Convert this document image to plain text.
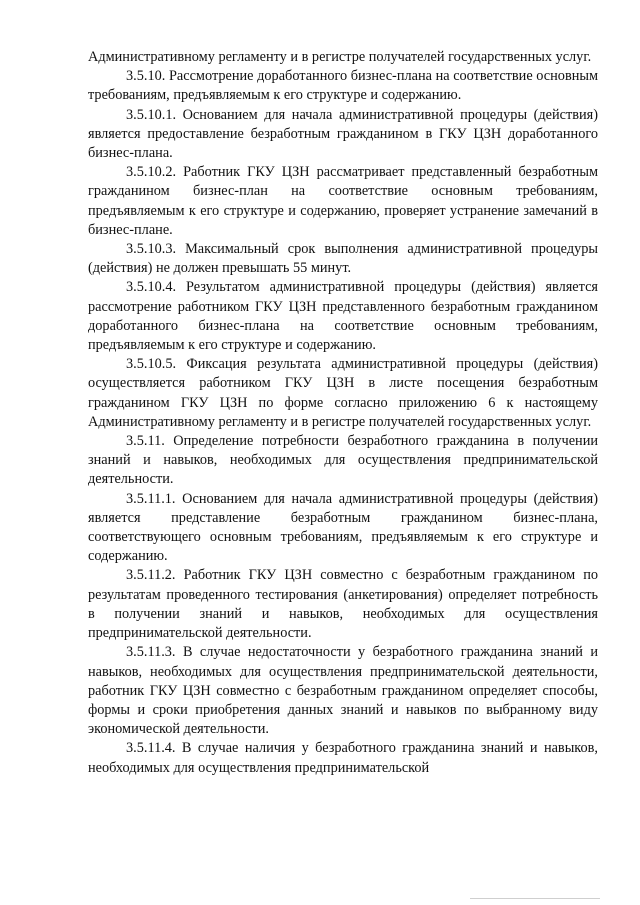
Административному регламенту и в регистре получателей государственных услуг.

3.5.10. Рассмотрение доработанного бизнес-плана на соответствие основным требованиям, предъявляемым к его структуре и содержанию.

3.5.10.1. Основанием для начала административной процедуры (действия) является предоставление безработным гражданином в ГКУ ЦЗН доработанного бизнес-плана.

3.5.10.2. Работник ГКУ ЦЗН рассматривает представленный безработным гражданином бизнес-план на соответствие основным требованиям, предъявляемым к его структуре и содержанию, проверяет устранение замечаний в бизнес-плане.

3.5.10.3. Максимальный срок выполнения административной процедуры (действия) не должен превышать 55 минут.

3.5.10.4. Результатом административной процедуры (действия) является рассмотрение работником ГКУ ЦЗН представленного безработным гражданином доработанного бизнес-плана на соответствие основным требованиям, предъявляемым к его структуре и содержанию.

3.5.10.5. Фиксация результата административной процедуры (действия) осуществляется работником ГКУ ЦЗН в листе посещения безработным гражданином ГКУ ЦЗН по форме согласно приложению 6 к настоящему Административному регламенту и в регистре получателей государственных услуг.

3.5.11. Определение потребности безработного гражданина в получении знаний и навыков, необходимых для осуществления предпринимательской деятельности.

3.5.11.1. Основанием для начала административной процедуры (действия) является представление безработным гражданином бизнес-плана, соответствующего основным требованиям, предъявляемым к его структуре и содержанию.

3.5.11.2. Работник ГКУ ЦЗН совместно с безработным гражданином по результатам проведенного тестирования (анкетирования) определяет потребность в получении знаний и навыков, необходимых для осуществления предпринимательской деятельности.

3.5.11.3. В случае недостаточности у безработного гражданина знаний и навыков, необходимых для осуществления предпринимательской деятельности, работник ГКУ ЦЗН совместно с безработным гражданином определяет способы, формы и сроки приобретения данных знаний и навыков по выбранному виду экономической деятельности.

3.5.11.4. В случае наличия у безработного гражданина знаний и навыков, необходимых для осуществления предпринимательской
